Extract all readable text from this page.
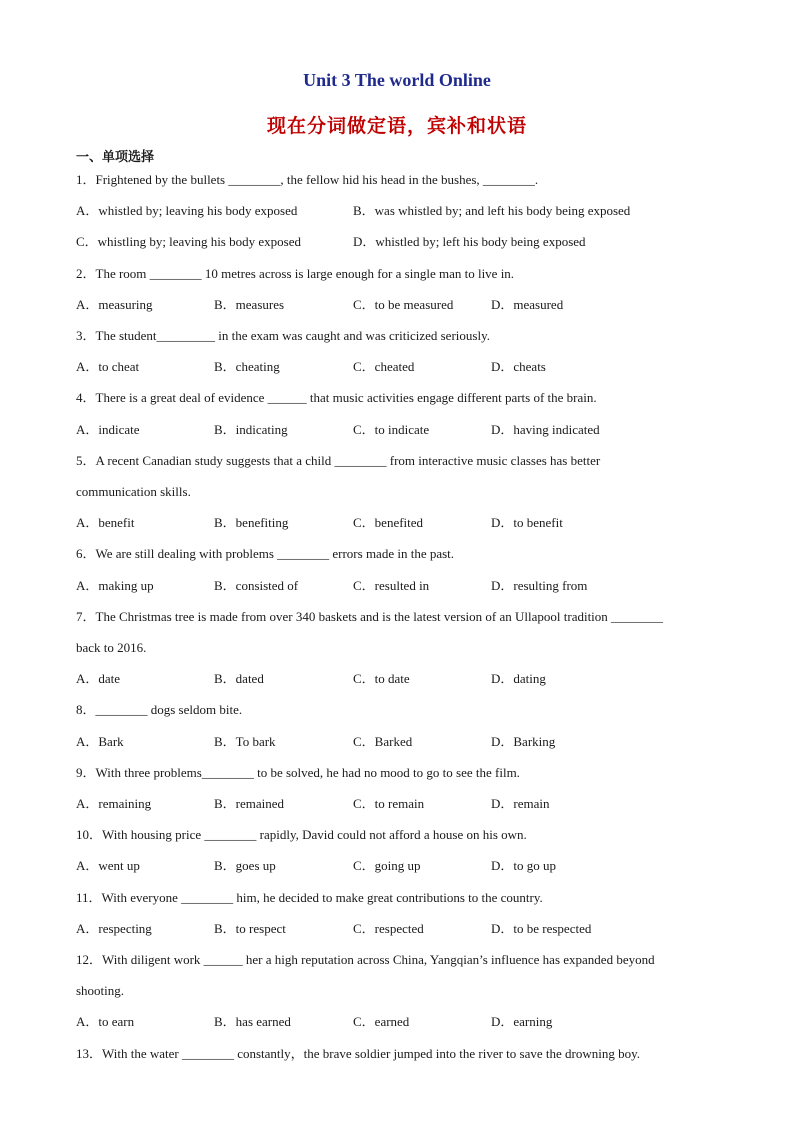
Unit 3 The world Online
现在分词做定语，宾补和状语
一、单项选择
1．Frightened by the bullets ________, the fellow hid his head in the bushes, ________.
A．whistled by; leaving his body exposed	B．was whistled by; and left his body being exposed
C．whistling by; leaving his body exposed	D．whistled by; left his body being exposed
2．The room ________ 10 metres across is large enough for a single man to live in.
A．measuring	B．measures	C．to be measured	D．measured
3．The student_________ in the exam was caught and was criticized seriously.
A．to cheat	B．cheating	C．cheated	D．cheats
4．There is a great deal of evidence ______ that music activities engage different parts of the brain.
A．indicate	B．indicating	C．to indicate	D．having indicated
5．A recent Canadian study suggests that a child ________ from interactive music classes has better
communication skills.
A．benefit	B．benefiting	C．benefited	D．to benefit
6．We are still dealing with problems ________ errors made in the past.
A．making up	B．consisted of	C．resulted in	D．resulting from
7．The Christmas tree is made from over 340 baskets and is the latest version of an Ullapool tradition ________
back to 2016.
A．date	B．dated	C．to date	D．dating
8．________ dogs seldom bite.
A．Bark	B．To bark	C．Barked	D．Barking
9．With three problems________ to be solved, he had no mood to go to see the film.
A．remaining	B．remained	C．to remain	D．remain
10．With housing price ________ rapidly, David could not afford a house on his own.
A．went up	B．goes up	C．going up	D．to go up
11．With everyone ________ him, he decided to make great contributions to the country.
A．respecting	B．to respect	C．respected	D．to be respected
12．With diligent work ______ her a high reputation across China, Yangqian’s influence has expanded beyond
shooting.
A．to earn	B．has earned	C．earned	D．earning
13．With the water ________ constantly，the brave soldier jumped into the river to save the drowning boy.
